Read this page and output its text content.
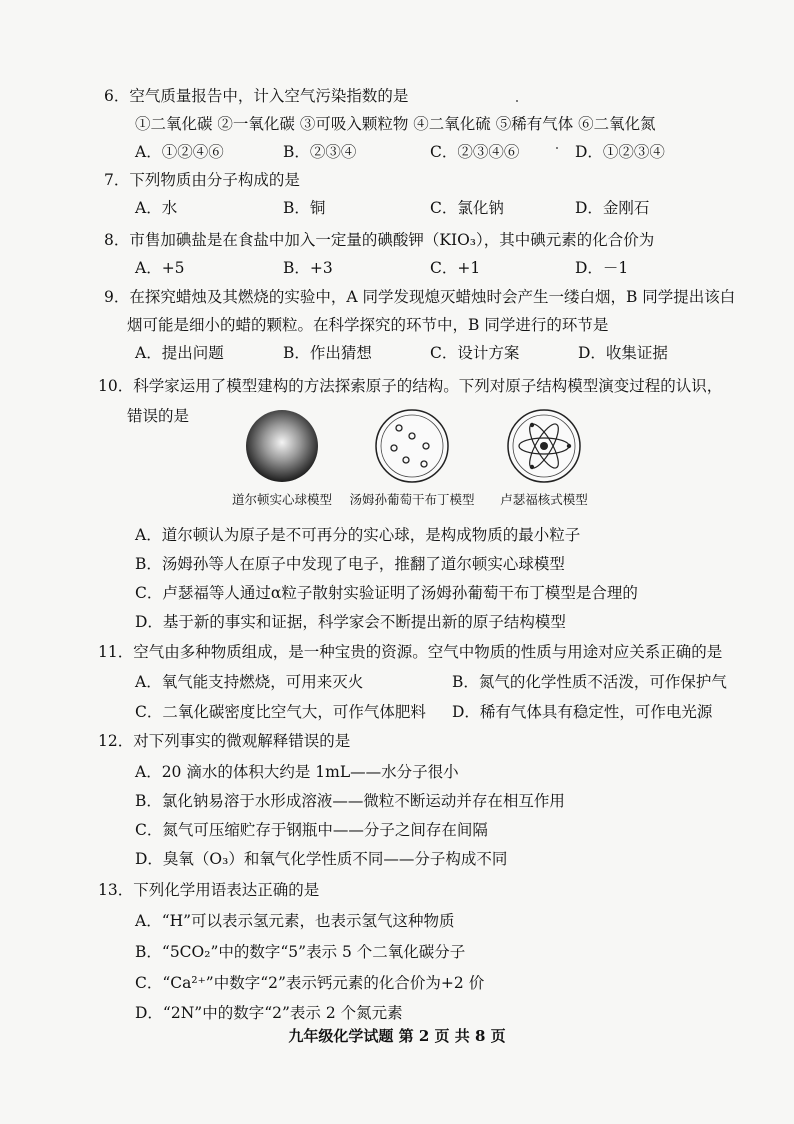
6．空气质量报告中，计入空气污染指数的是
①二氧化碳 ②一氧化碳 ③可吸入颗粒物 ④二氧化硫 ⑤稀有气体 ⑥二氧化氮
A．①②④⑥	B．②③④	C．②③④⑥	D．①②③④
7．下列物质由分子构成的是
A．水	B．铜	C．氯化钠	D．金刚石
8．市售加碘盐是在食盐中加入一定量的碘酸钾（KIO₃），其中碘元素的化合价为
A．+5	B．+3	C．+1	D．－1
9．在探究蜡烛及其燃烧的实验中，A 同学发现熄灭蜡烛时会产生一缕白烟，B 同学提出该白
烟可能是细小的蜡的颗粒。在科学探究的环节中，B 同学进行的环节是
A．提出问题	B．作出猜想	C．设计方案	D．收集证据
10．科学家运用了模型建构的方法探索原子的结构。下列对原子结构模型演变过程的认识，
错误的是
道尔顿实心球模型	汤姆孙葡萄干布丁模型	卢瑟福核式模型
A．道尔顿认为原子是不可再分的实心球，是构成物质的最小粒子
B．汤姆孙等人在原子中发现了电子，推翻了道尔顿实心球模型
C．卢瑟福等人通过α粒子散射实验证明了汤姆孙葡萄干布丁模型是合理的
D．基于新的事实和证据，科学家会不断提出新的原子结构模型
11．空气由多种物质组成，是一种宝贵的资源。空气中物质的性质与用途对应关系正确的是
A．氧气能支持燃烧，可用来灭火	B．氮气的化学性质不活泼，可作保护气
C．二氧化碳密度比空气大，可作气体肥料 D．稀有气体具有稳定性，可作电光源
12．对下列事实的微观解释错误的是
A．20 滴水的体积大约是 1mL——水分子很小
B．氯化钠易溶于水形成溶液——微粒不断运动并存在相互作用
C．氮气可压缩贮存于钢瓶中——分子之间存在间隔
D．臭氧（O₃）和氧气化学性质不同——分子构成不同
13．下列化学用语表达正确的是
A．“H”可以表示氢元素，也表示氢气这种物质
B．“5CO₂”中的数字“5”表示 5 个二氧化碳分子
C．“Ca²⁺”中数字“2”表示钙元素的化合价为+2 价
D．“2N”中的数字“2”表示 2 个氮元素
九年级化学试题 第 2 页 共 8 页
